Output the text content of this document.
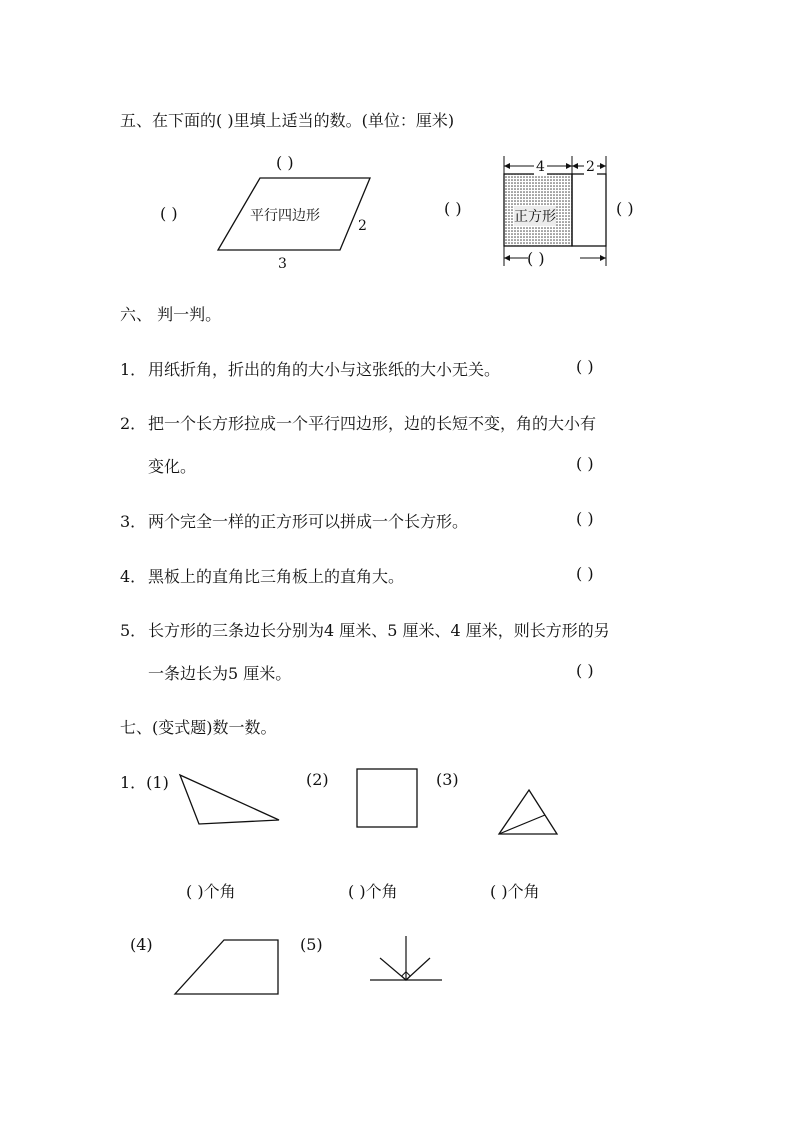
五、在下面的( )里填上适当的数。(单位：厘米)
( )
( )	平行四边形
2
3
( )	( )
4	2
正方形
( )
六、 判一判。
1． 用纸折角，折出的角的大小与这张纸的大小无关。	( )
2． 把一个长方形拉成一个平行四边形，边的长短不变，角的大小有
变化。	( )
3． 两个完全一样的正方形可以拼成一个长方形。	( )
4． 黑板上的直角比三角板上的直角大。	( )
5． 长方形的三条边长分别为4 厘米、5 厘米、4 厘米，则长方形的另
一条边长为5 厘米。	( )
七、(变式题)数一数。
1．(1)	(2)	(3)
( )个角	( )个角	( )个角
(4)	(5)
